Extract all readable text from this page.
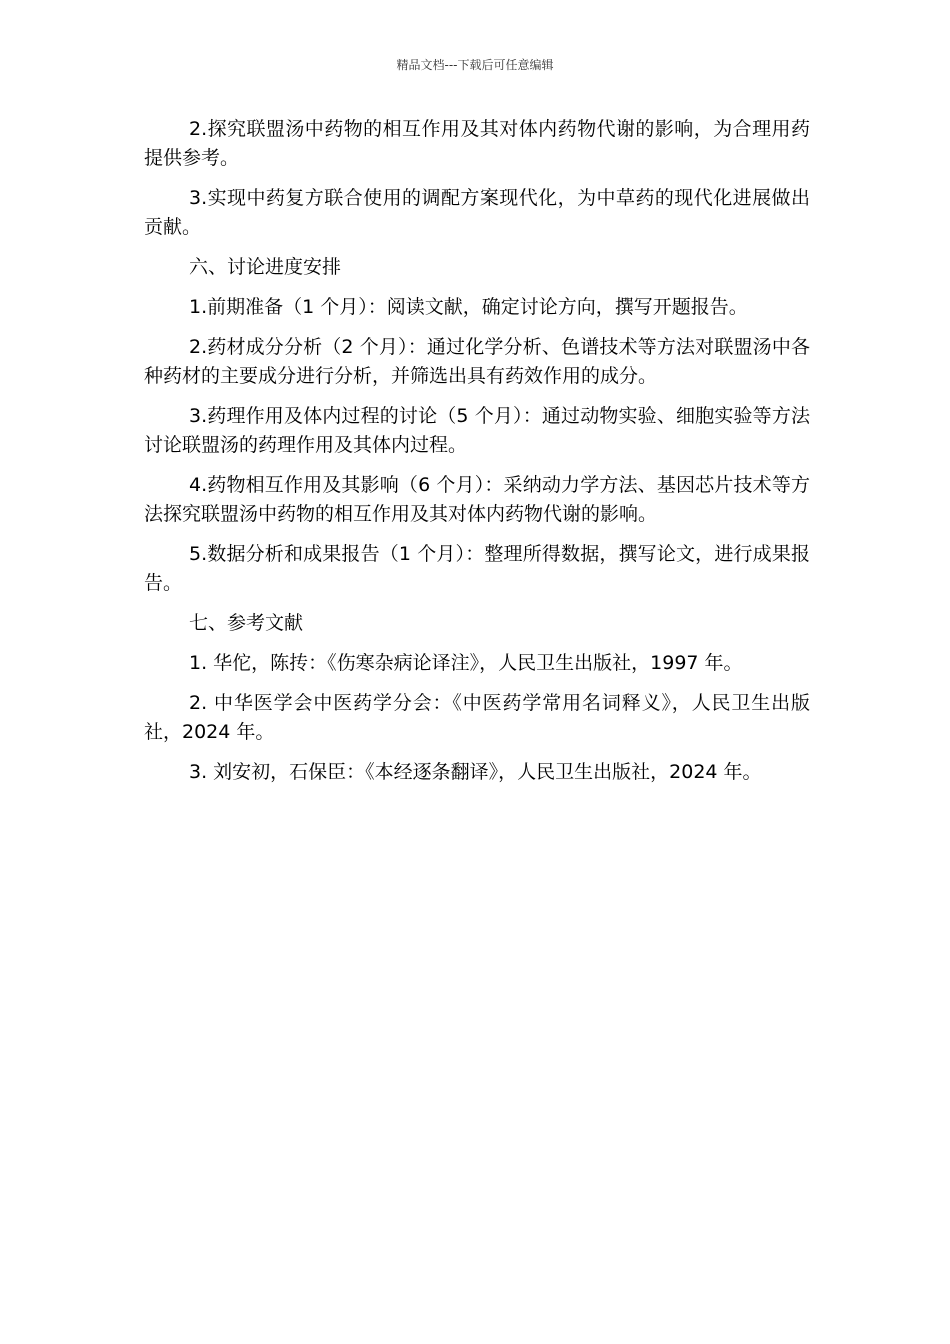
精品文档---下载后可任意编辑

2.探究联盟汤中药物的相互作用及其对体内药物代谢的影响，为合理用药提供参考。

3.实现中药复方联合使用的调配方案现代化，为中草药的现代化进展做出贡献。

六、讨论进度安排

1.前期准备（1 个月）：阅读文献，确定讨论方向，撰写开题报告。

2.药材成分分析（2 个月）：通过化学分析、色谱技术等方法对联盟汤中各种药材的主要成分进行分析，并筛选出具有药效作用的成分。

3.药理作用及体内过程的讨论（5 个月）：通过动物实验、细胞实验等方法讨论联盟汤的药理作用及其体内过程。

4.药物相互作用及其影响（6 个月）：采纳动力学方法、基因芯片技术等方法探究联盟汤中药物的相互作用及其对体内药物代谢的影响。

5.数据分析和成果报告（1 个月）：整理所得数据，撰写论文，进行成果报告。

七、参考文献

1. 华佗，陈抟：《伤寒杂病论译注》，人民卫生出版社，1997 年。

2. 中华医学会中医药学分会：《中医药学常用名词释义》，人民卫生出版社，2024 年。

3. 刘安初，石保臣：《本经逐条翻译》，人民卫生出版社，2024 年。
